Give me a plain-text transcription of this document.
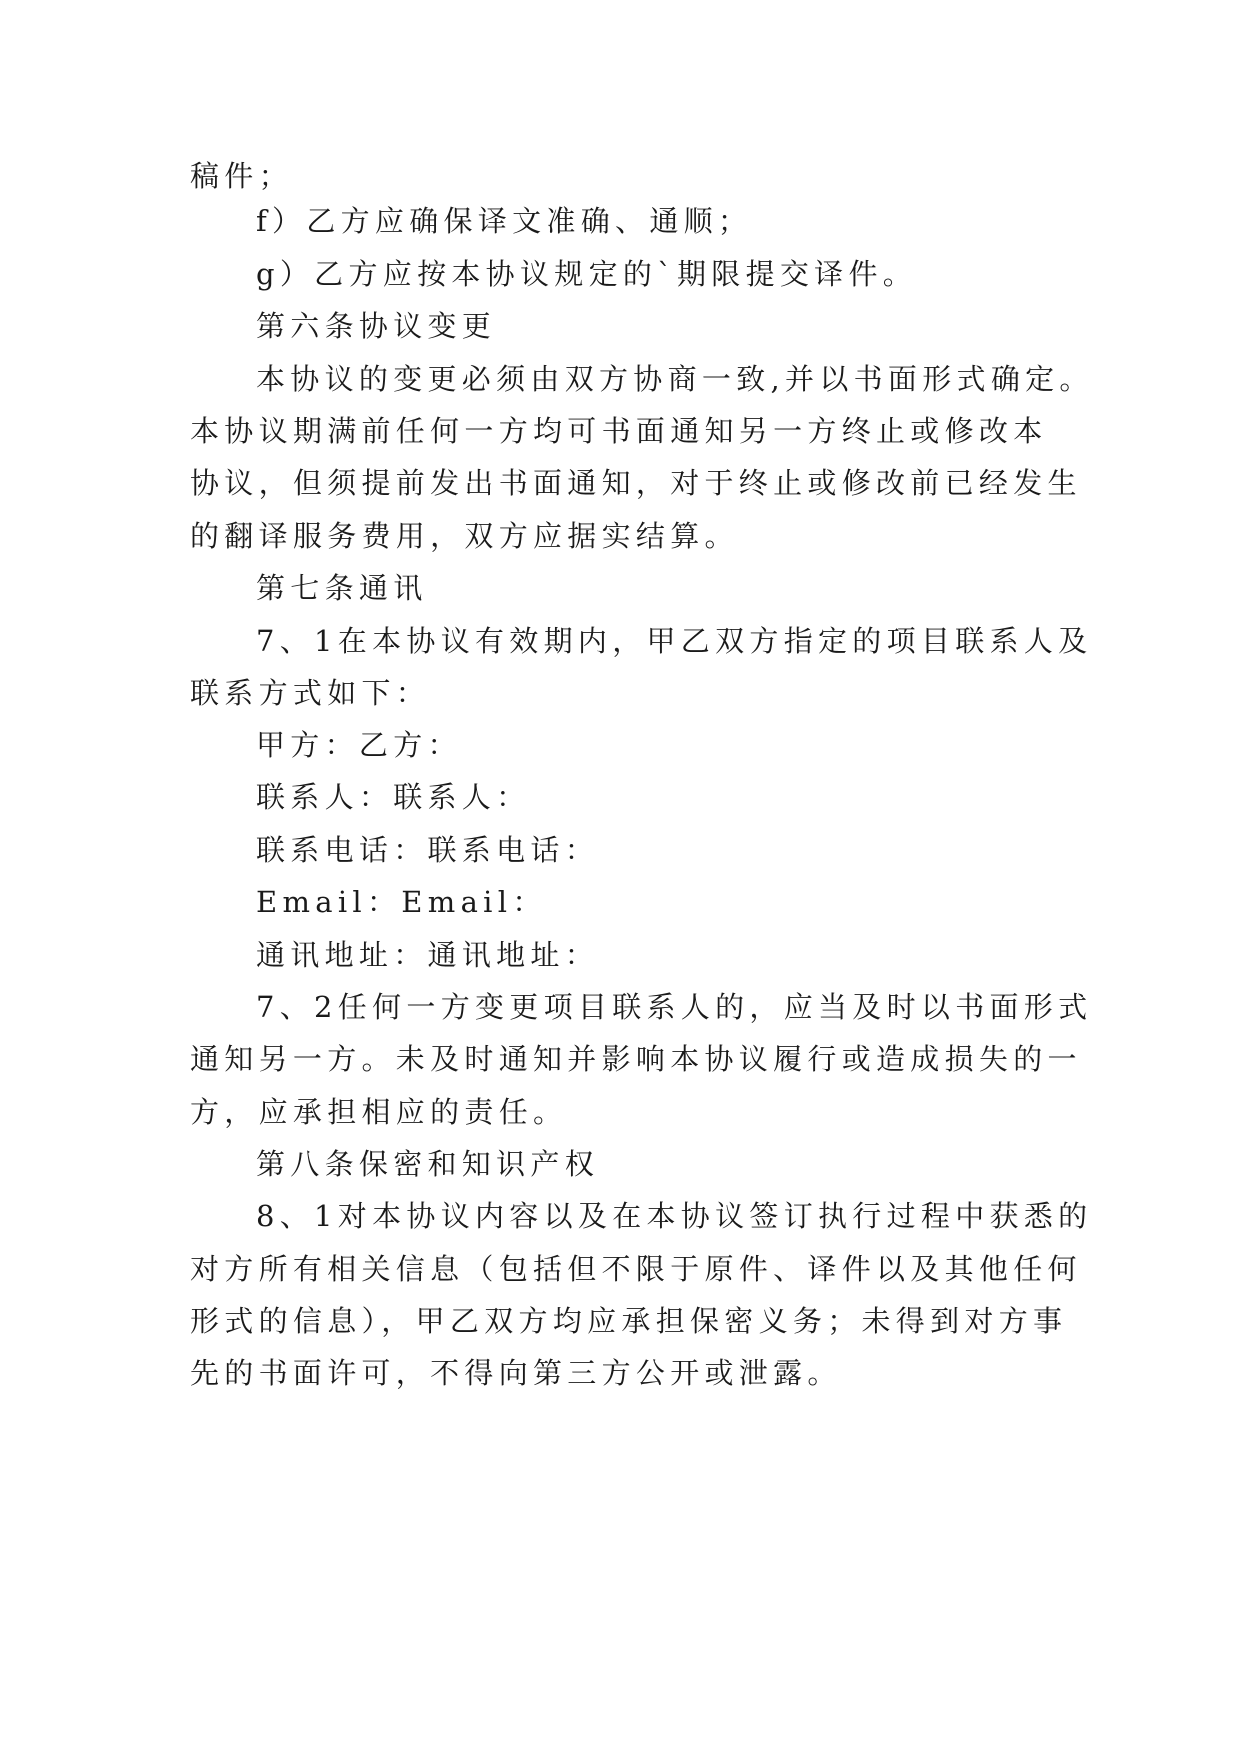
稿件；
f）乙方应确保译文准确、通顺；
g）乙方应按本协议规定的`期限提交译件。
第六条协议变更
本协议的变更必须由双方协商一致,并以书面形式确定。
本协议期满前任何一方均可书面通知另一方终止或修改本
协议，但须提前发出书面通知，对于终止或修改前已经发生
的翻译服务费用，双方应据实结算。
第七条通讯
7、1在本协议有效期内，甲乙双方指定的项目联系人及
联系方式如下：
甲方：乙方：
联系人：联系人：
联系电话：联系电话：
Email：Email：
通讯地址：通讯地址：
7、2任何一方变更项目联系人的，应当及时以书面形式
通知另一方。未及时通知并影响本协议履行或造成损失的一
方，应承担相应的责任。
第八条保密和知识产权
8、1对本协议内容以及在本协议签订执行过程中获悉的
对方所有相关信息（包括但不限于原件、译件以及其他任何
形式的信息），甲乙双方均应承担保密义务；未得到对方事
先的书面许可，不得向第三方公开或泄露。
